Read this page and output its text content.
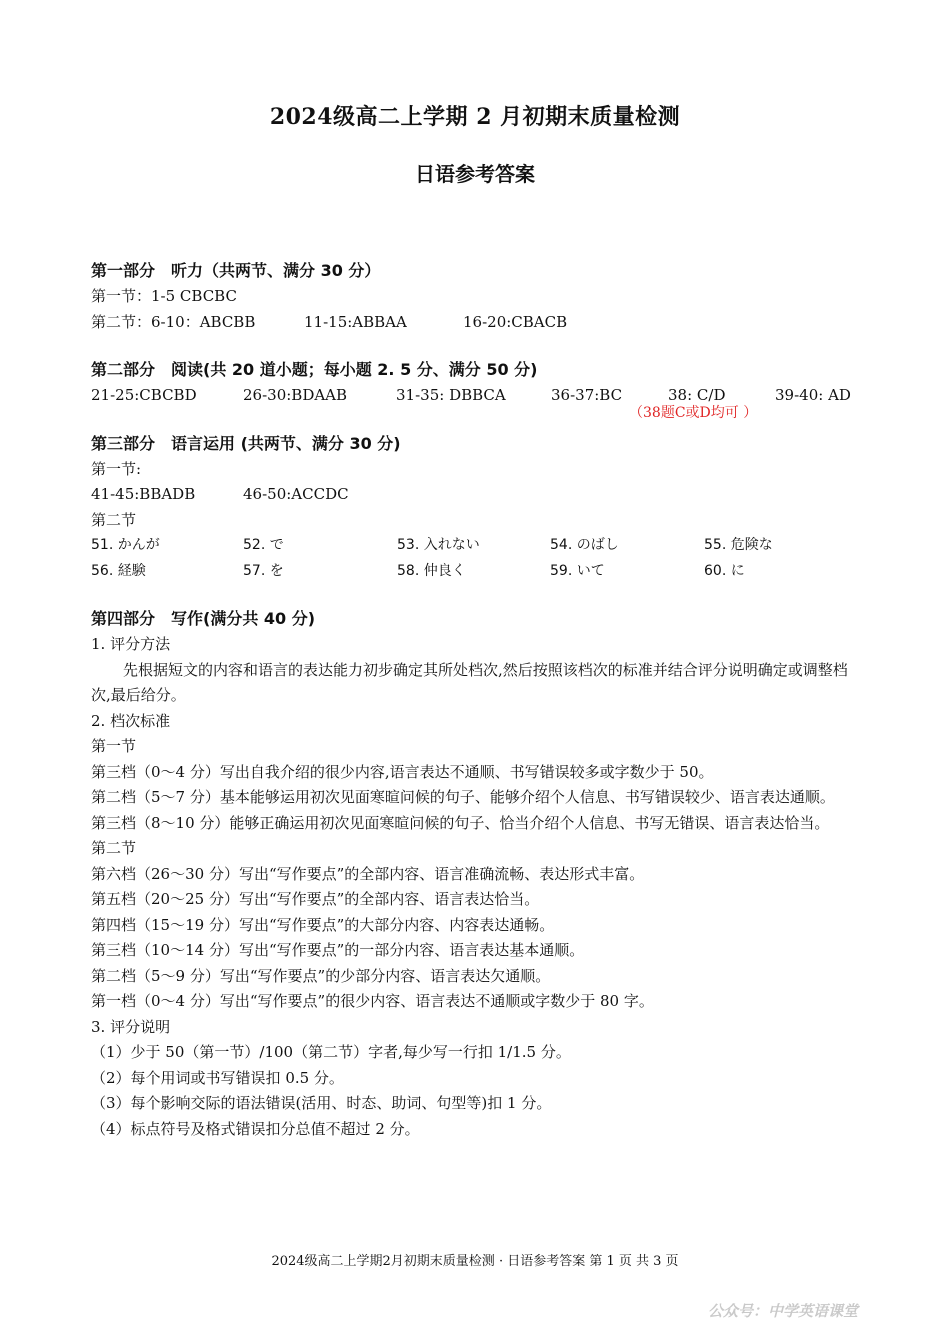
2024级高二上学期 2 月初期末质量检测
日语参考答案
第一部分　听力（共两节、满分 30 分）
第一节：1-5 CBCBC
第二节：6-10：ABCBB	11-15:ABBAA	16-20:CBACB
第二部分　阅读(共 20 道小题；每小题 2. 5 分、满分 50 分)
21-25:CBCBD	26-30:BDAAB	31-35: DBBCA	36-37:BC	38: C/D	39-40: AD
（38题C或D均可 ）
第三部分　语言运用 (共两节、满分 30 分)
第一节:
41-45:BBADB	46-50:ACCDC
第二节
51. かんが	52. で	53. 入れない	54. のばし	55. 危険な
56. 経験	57. を	58. 仲良く	59. いて	60. に
第四部分　写作(满分共 40 分)
1. 评分方法
先根据短文的内容和语言的表达能力初步确定其所处档次,然后按照该档次的标准并结合评分说明确定或调整档次,最后给分。
2. 档次标准
第一节
第三档（0～4 分）写出自我介绍的很少内容,语言表达不通顺、书写错误较多或字数少于 50。
第二档（5～7 分）基本能够运用初次见面寒暄问候的句子、能够介绍个人信息、书写错误较少、语言表达通顺。
第三档（8～10 分）能够正确运用初次见面寒暄问候的句子、恰当介绍个人信息、书写无错误、语言表达恰当。
第二节
第六档（26～30 分）写出“写作要点”的全部内容、语言准确流畅、表达形式丰富。
第五档（20～25 分）写出“写作要点”的全部内容、语言表达恰当。
第四档（15～19 分）写出“写作要点”的大部分内容、内容表达通畅。
第三档（10～14 分）写出“写作要点”的一部分内容、语言表达基本通顺。
第二档（5～9 分）写出“写作要点”的少部分内容、语言表达欠通顺。
第一档（0～4 分）写出“写作要点”的很少内容、语言表达不通顺或字数少于 80 字。
3. 评分说明
（1）少于 50（第一节）/100（第二节）字者,每少写一行扣 1/1.5 分。
（2）每个用词或书写错误扣 0.5 分。
（3）每个影响交际的语法错误(活用、时态、助词、句型等)扣 1 分。
（4）标点符号及格式错误扣分总值不超过 2 分。
2024级高二上学期2月初期末质量检测 · 日语参考答案 第 1 页 共 3 页
公众号：中学英语课堂
